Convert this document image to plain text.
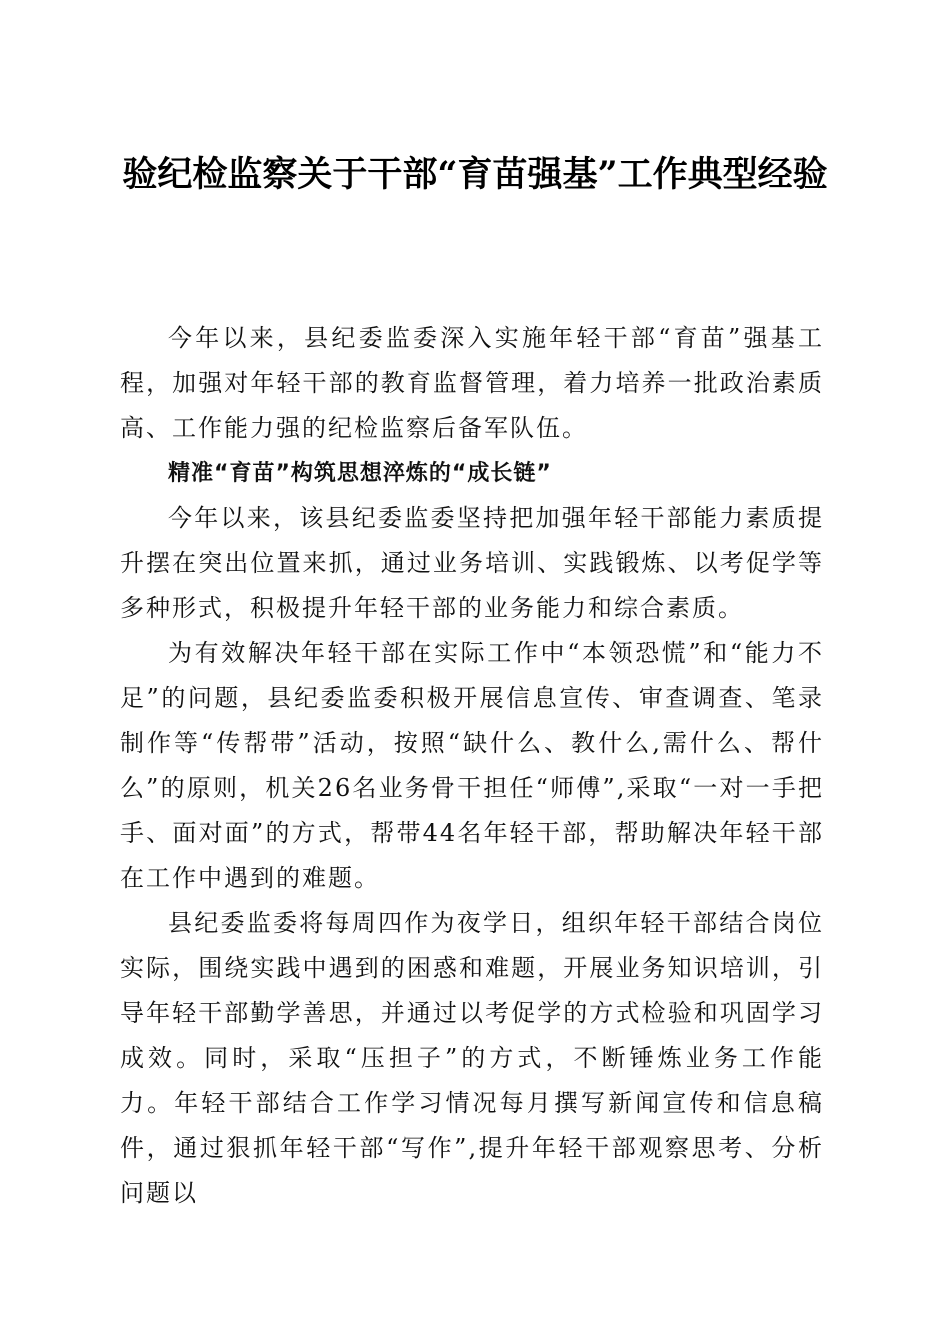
验纪检监察关于干部“育苗强基”工作典型经验

今年以来，县纪委监委深入实施年轻干部“育苗”强基工程，加强对年轻干部的教育监督管理，着力培养一批政治素质高、工作能力强的纪检监察后备军队伍。

精准“育苗”构筑思想淬炼的“成长链”

今年以来，该县纪委监委坚持把加强年轻干部能力素质提升摆在突出位置来抓，通过业务培训、实践锻炼、以考促学等多种形式，积极提升年轻干部的业务能力和综合素质。

为有效解决年轻干部在实际工作中“本领恐慌”和“能力不足”的问题，县纪委监委积极开展信息宣传、审查调查、笔录制作等“传帮带”活动，按照“缺什么、教什么,需什么、帮什么”的原则，机关26名业务骨干担任“师傅”,采取“一对一手把手、面对面”的方式，帮带44名年轻干部，帮助解决年轻干部在工作中遇到的难题。

县纪委监委将每周四作为夜学日，组织年轻干部结合岗位实际，围绕实践中遇到的困惑和难题，开展业务知识培训，引导年轻干部勤学善思，并通过以考促学的方式检验和巩固学习成效。同时，采取“压担子”的方式，不断锤炼业务工作能力。年轻干部结合工作学习情况每月撰写新闻宣传和信息稿件，通过狠抓年轻干部“写作”,提升年轻干部观察思考、分析问题以
